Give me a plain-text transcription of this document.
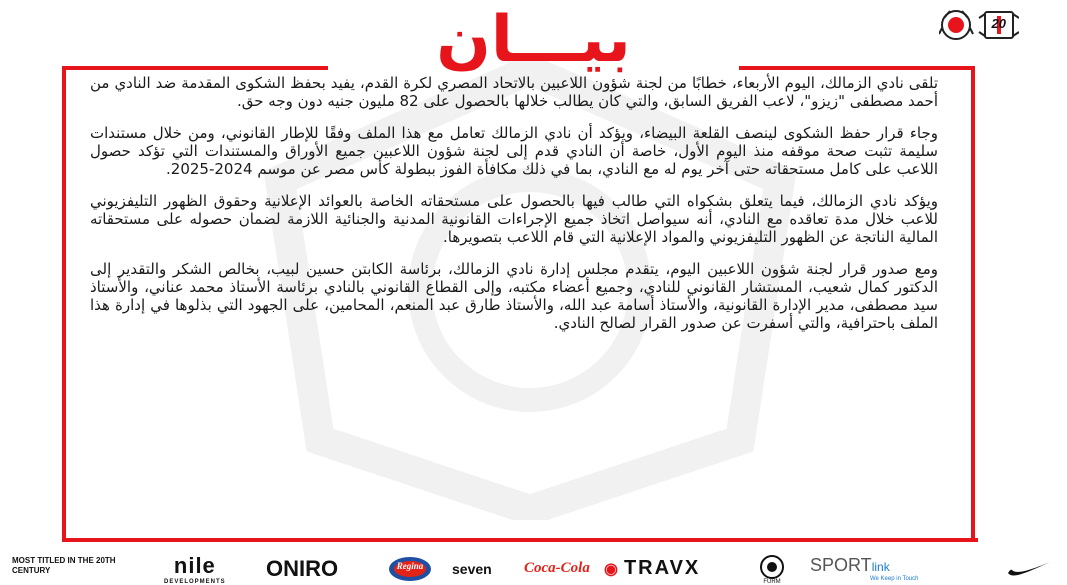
بيـــان	20

تلقى نادي الزمالك، اليوم الأربعاء، خطابًا من لجنة شؤون اللاعبين بالاتحاد المصري لكرة القدم، يفيد بحفظ الشكوى المقدمة ضد النادي من أحمد مصطفى "زيزو"، لاعب الفريق السابق، والتي كان يطالب خلالها بالحصول على 82 مليون جنيه دون وجه حق.

وجاء قرار حفظ الشكوى لينصف القلعة البيضاء، ويؤكد أن نادي الزمالك تعامل مع هذا الملف وفقًا للإطار القانوني، ومن خلال مستندات سليمة تثبت صحة موقفه منذ اليوم الأول، خاصة أن النادي قدم إلى لجنة شؤون اللاعبين جميع الأوراق والمستندات التي تؤكد حصول اللاعب على كامل مستحقاته حتى آخر يوم له مع النادي، بما في ذلك مكافأة الفوز ببطولة كأس مصر عن موسم 2024-2025.

ويؤكد نادي الزمالك، فيما يتعلق بشكواه التي طالب فيها بالحصول على مستحقاته الخاصة بالعوائد الإعلانية وحقوق الظهور التليفزيوني للاعب خلال مدة تعاقده مع النادي، أنه سيواصل اتخاذ جميع الإجراءات القانونية المدنية والجنائية اللازمة لضمان حصوله على مستحقاته المالية الناتجة عن الظهور التليفزيوني والمواد الإعلانية التي قام اللاعب بتصويرها.

ومع صدور قرار لجنة شؤون اللاعبين اليوم، يتقدم مجلس إدارة نادي الزمالك، برئاسة الكابتن حسين لبيب، بخالص الشكر والتقدير إلى الدكتور كمال شعيب، المستشار القانوني للنادي، وجميع أعضاء مكتبه، وإلى القطاع القانوني بالنادي برئاسة الأستاذ محمد عناني، والأستاذ سيد مصطفى، مدير الإدارة القانونية، والأستاذ أسامة عبد الله، والأستاذ طارق عبد المنعم، المحامين، على الجهود التي بذلوها في إدارة هذا الملف باحترافية، والتي أسفرت عن صدور القرار لصالح النادي.

MOST TITLED IN THE 20TH CENTURY	nile
DEVELOPMENTS
ONIRO	Regina	seven Coca-Cola ◉ TRAVX
FURM
SPORTlink
We Keep in Touch
